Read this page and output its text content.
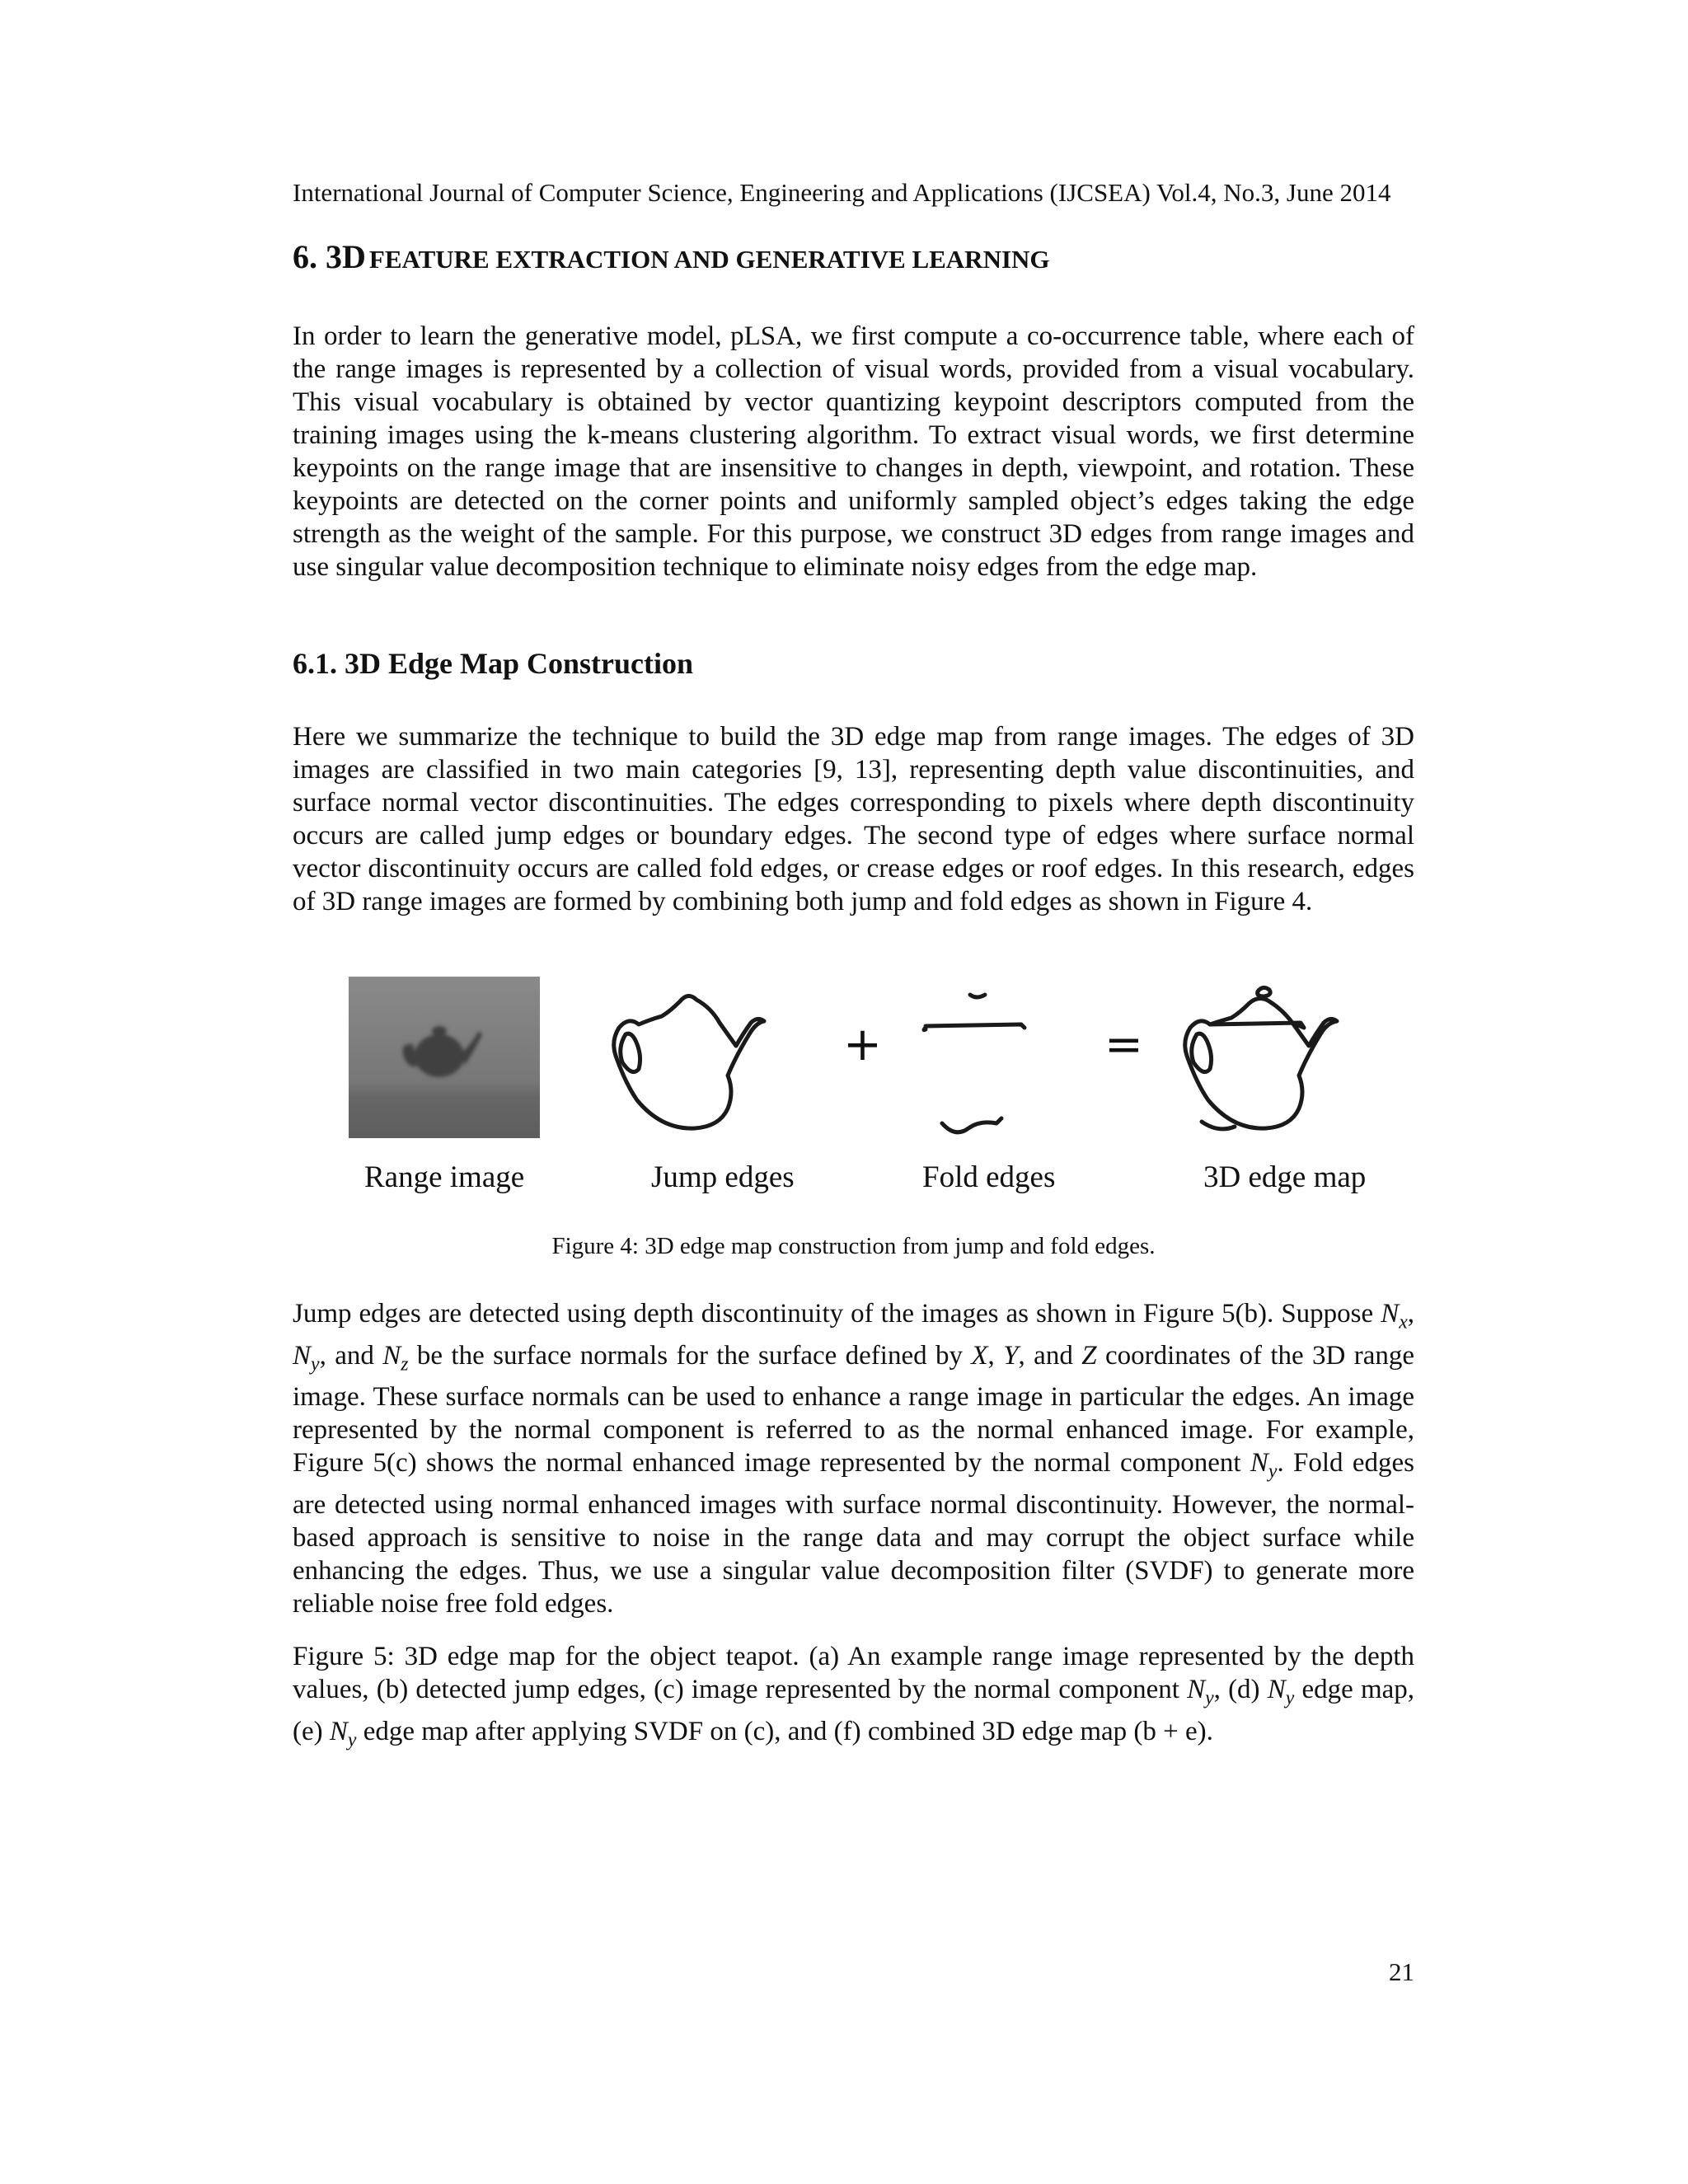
International Journal of Computer Science, Engineering and Applications (IJCSEA) Vol.4, No.3, June 2014
6. 3D FEATURE EXTRACTION AND GENERATIVE LEARNING

In order to learn the generative model, pLSA, we first compute a co-occurrence table, where each of the range images is represented by a collection of visual words, provided from a visual vocabulary. This visual vocabulary is obtained by vector quantizing keypoint descriptors computed from the training images using the k-means clustering algorithm. To extract visual words, we first determine keypoints on the range image that are insensitive to changes in depth, viewpoint, and rotation. These keypoints are detected on the corner points and uniformly sampled object’s edges taking the edge strength as the weight of the sample. For this purpose, we construct 3D edges from range images and use singular value decomposition technique to eliminate noisy edges from the edge map.

6.1. 3D Edge Map Construction

Here we summarize the technique to build the 3D edge map from range images. The edges of 3D images are classified in two main categories [9, 13], representing depth value discontinuities, and surface normal vector discontinuities. The edges corresponding to pixels where depth discontinuity occurs are called jump edges or boundary edges. The second type of edges where surface normal vector discontinuity occurs are called fold edges, or crease edges or roof edges. In this research, edges of 3D range images are formed by combining both jump and fold edges as shown in Figure 4.

+	=
Range image	Jump edges	Fold edges	3D edge map
Figure 4: 3D edge map construction from jump and fold edges.

Jump edges are detected using depth discontinuity of the images as shown in Figure 5(b). Suppose $N_x$, $N_y$, and $N_z$ be the surface normals for the surface defined by X, Y, and Z coordinates of the 3D range image. These surface normals can be used to enhance a range image in particular the edges. An image represented by the normal component is referred to as the normal enhanced image. For example, Figure 5(c) shows the normal enhanced image represented by the normal component $N_y$. Fold edges are detected using normal enhanced images with surface normal discontinuity. However, the normal-based approach is sensitive to noise in the range data and may corrupt the object surface while enhancing the edges. Thus, we use a singular value decomposition filter (SVDF) to generate more reliable noise free fold edges.

Figure 5: 3D edge map for the object teapot. (a) An example range image represented by the depth values, (b) detected jump edges, (c) image represented by the normal component $N_y$, (d) $N_y$ edge map, (e) $N_y$ edge map after applying SVDF on (c), and (f) combined 3D edge map (b + e).

21
